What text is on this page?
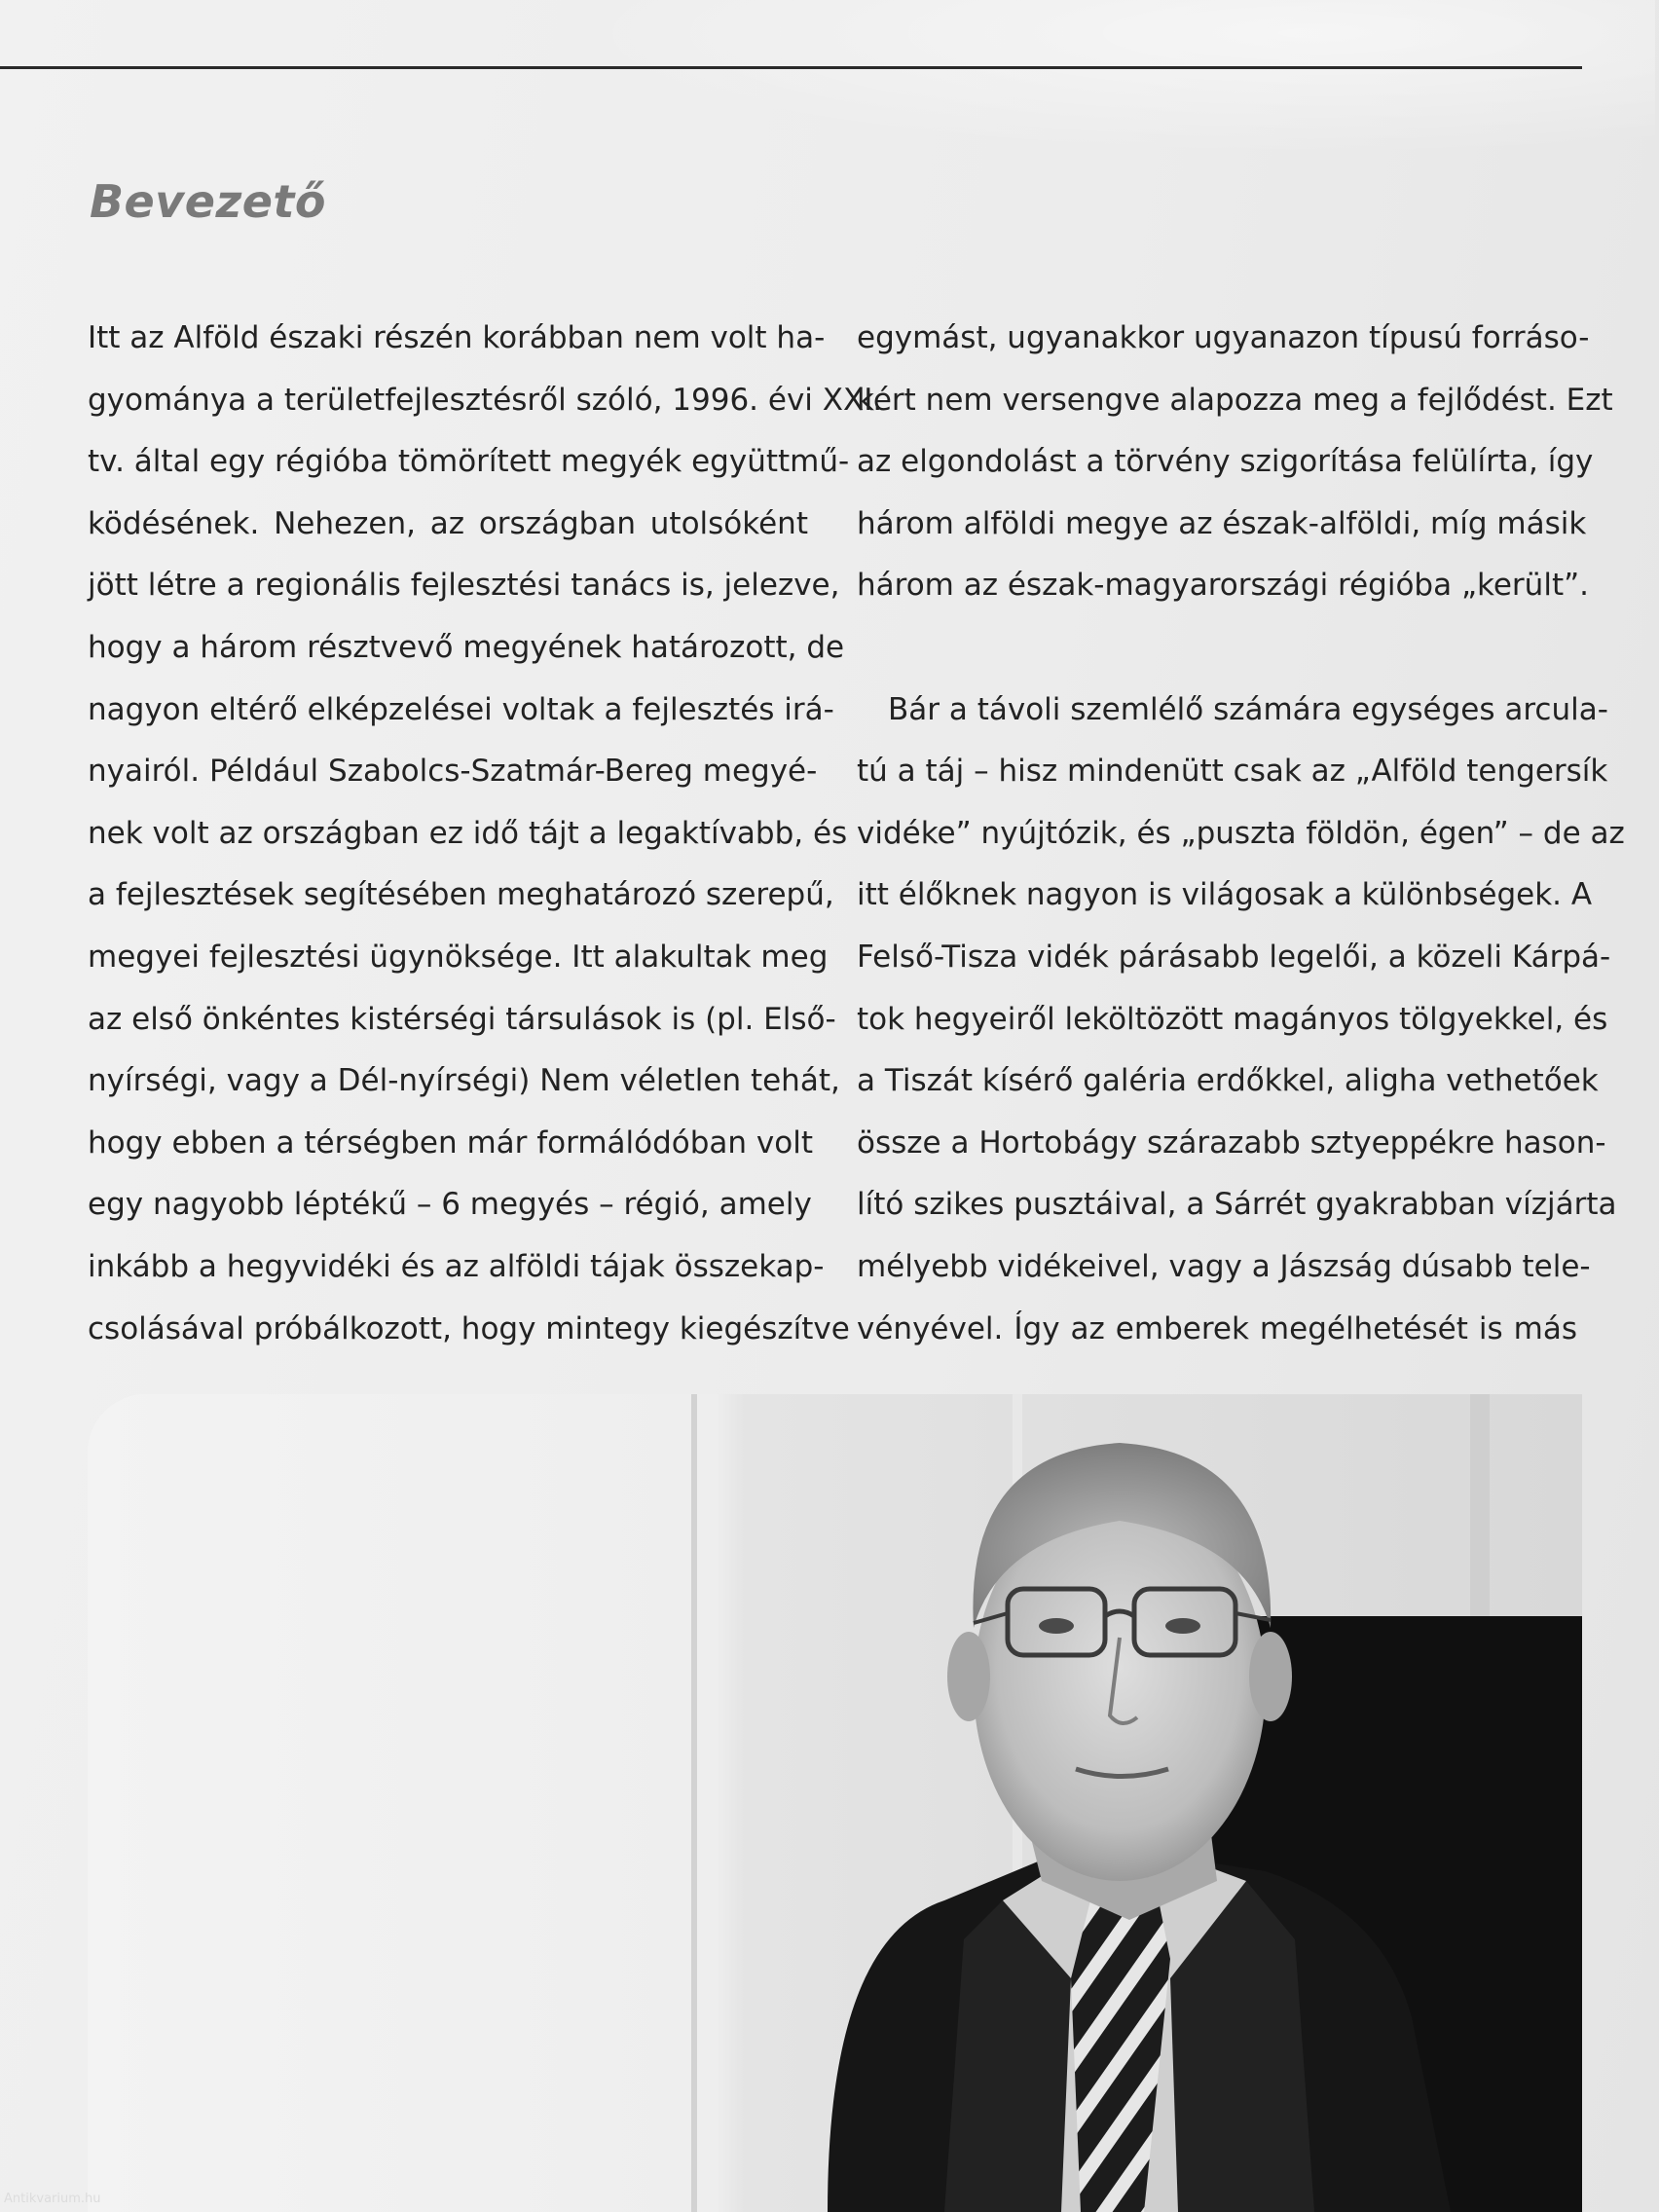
Bevezető
Itt az Alföld északi részén korábban nem volt ha-
gyománya a területfejlesztésről szóló, 1996. évi XXI.
tv. által egy régióba tömörített megyék együttmű-
ködésének. Nehezen, az országban utolsóként
jött létre a regionális fejlesztési tanács is, jelezve,
hogy a három résztvevő megyének határozott, de
nagyon eltérő elképzelései voltak a fejlesztés irá-
nyairól. Például Szabolcs-Szatmár-Bereg megyé-
nek volt az országban ez idő tájt a legaktívabb, és
a fejlesztések segítésében meghatározó szerepű,
megyei fejlesztési ügynöksége. Itt alakultak meg
az első önkéntes kistérségi társulások is (pl. Első-
nyírségi, vagy a Dél-nyírségi) Nem véletlen tehát,
hogy ebben a térségben már formálódóban volt
egy nagyobb léptékű – 6 megyés – régió, amely
inkább a hegyvidéki és az alföldi tájak összekap-
csolásával próbálkozott, hogy mintegy kiegészítve
egymást, ugyanakkor ugyanazon típusú forráso-
kért nem versengve alapozza meg a fejlődést. Ezt
az elgondolást a törvény szigorítása felülírta, így
három alföldi megye az észak-alföldi, míg másik
három az észak-magyarországi régióba „került”.
Bár a távoli szemlélő számára egységes arcula-
tú a táj – hisz mindenütt csak az „Alföld tengersík
vidéke” nyújtózik, és „puszta földön, égen” – de az
itt élőknek nagyon is világosak a különbségek. A
Felső-Tisza vidék párásabb legelői, a közeli Kárpá-
tok hegyeiről leköltözött magányos tölgyekkel, és
a Tiszát kísérő galéria erdőkkel, aligha vethetőek
össze a Hortobágy szárazabb sztyeppékre hason-
lító szikes pusztáival, a Sárrét gyakrabban vízjárta
mélyebb vidékeivel, vagy a Jászság dúsabb tele-
vényével. Így az emberek megélhetését is más
Antikvarium.hu
